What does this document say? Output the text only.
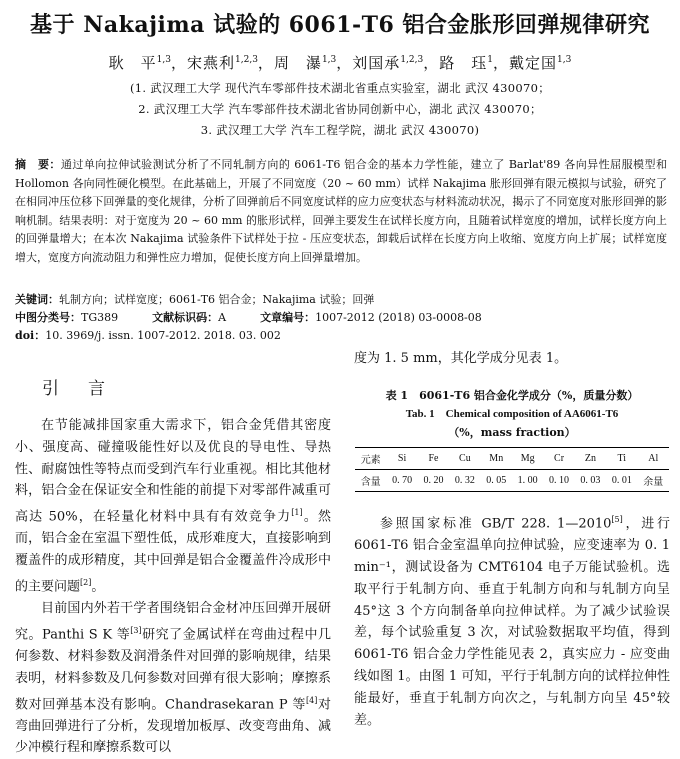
基于 Nakajima 试验的 6061-T6 铝合金胀形回弹规律研究
耿　平$^{1,3}$，宋燕利$^{1,2,3}$，周　瀑$^{1,3}$，刘国承$^{1,2,3}$，路　珏$^1$，戴定国$^{1,3}$
(1. 武汉理工大学 现代汽车零部件技术湖北省重点实验室，湖北 武汉 430070；
2. 武汉理工大学 汽车零部件技术湖北省协同创新中心，湖北 武汉 430070；
3. 武汉理工大学 汽车工程学院，湖北 武汉 430070)
摘　要：通过单向拉伸试验测试分析了不同轧制方向的 6061-T6 铝合金的基本力学性能，建立了 Barlat'89 各向异性屈服模型和 Hollomon 各向同性硬化模型。在此基础上，开展了不同宽度（20 ~ 60 mm）试样 Nakajima 胀形回弹有限元模拟与试验，研究了在相同冲压位移下回弹量的变化规律，分析了回弹前后不同宽度试样的应力应变状态与材料流动状况，揭示了不同宽度对胀形回弹的影响机制。结果表明：对于宽度为 20 ~ 60 mm 的胀形试样，回弹主要发生在试样长度方向，且随着试样宽度的增加，试样长度方向上的回弹量增大；在本次 Nakajima 试验条件下试样处于拉 - 压应变状态，卸载后试样在长度方向上收缩、宽度方向上扩展；试样宽度增大，宽度方向流动阻力和弹性应力增加，促使长度方向上回弹量增加。
关键词：轧制方向；试样宽度；6061-T6 铝合金；Nakajima 试验；回弹
中图分类号：TG389	文献标识码：A	文章编号：1007-2012 (2018) 03-0008-08
doi：10. 3969/j. issn. 1007-2012. 2018. 03. 002
引　言

在节能减排国家重大需求下，铝合金凭借其密度小、强度高、碰撞吸能性好以及优良的导电性、导热性、耐腐蚀性等特点而受到汽车行业重视。相比其他材料，铝合金在保证安全和性能的前提下对零部件减重可高达 50%，在轻量化材料中具有有效竞争力[1]。然而，铝合金在室温下塑性低，成形难度大，直接影响到覆盖件的成形精度，其中回弹是铝合金覆盖件冷成形中的主要问题[2]。

目前国内外若干学者围绕铝合金材冲压回弹开展研究。Panthi S K 等[3]研究了金属试样在弯曲过程中几何参数、材料参数及润滑条件对回弹的影响规律，结果表明，材料参数及几何参数对回弹有很大影响；摩擦系数对回弹基本没有影响。Chandrasekaran P 等[4]对弯曲回弹进行了分析，发现增加板厚、改变弯曲角、减少冲模行程和摩擦系数可以

度为 1. 5 mm，其化学成分见表 1。

表 1　6061-T6 铝合金化学成分（%，质量分数）
Tab. 1　Chemical composition of AA6061-T6
（%，mass fraction）
元素	Si	Fe	Cu	Mn	Mg	Cr	Zn	Ti	Al
含量	0. 70	0. 20	0. 32	0. 05	1. 00	0. 10	0. 03	0. 01	余量

参照国家标准 GB/T 228. 1—2010[5]，进行 6061-T6 铝合金室温单向拉伸试验，应变速率为 0. 1 min⁻¹，测试设备为 CMT6104 电子万能试验机。选取平行于轧制方向、垂直于轧制方向和与轧制方向呈 45°这 3 个方向制备单向拉伸试样。为了减少试验误差，每个试验重复 3 次，对试验数据取平均值，得到 6061-T6 铝合金力学性能见表 2，真实应力 - 应变曲线如图 1。由图 1 可知，平行于轧制方向的试样拉伸性能最好，垂直于轧制方向次之，与轧制方向呈 45°较差。
